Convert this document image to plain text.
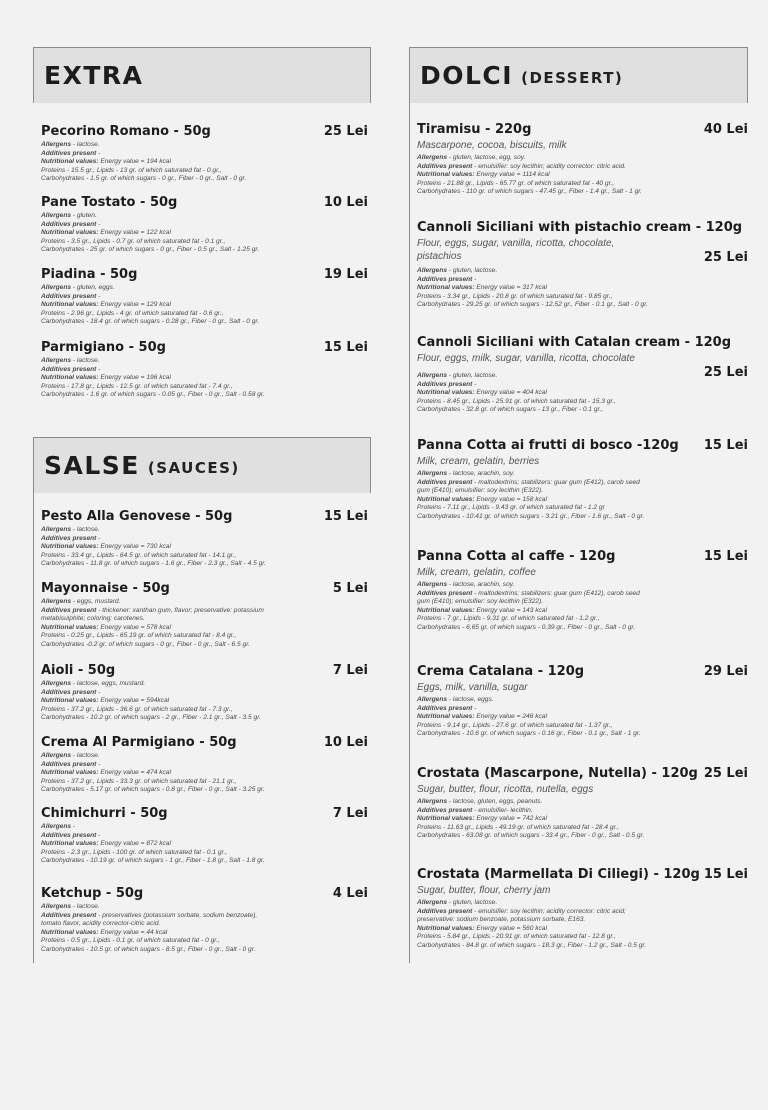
EXTRA
Pecorino Romano - 50g	25 Lei
Allergens - lactose.
Additives present -
Nutritional values: Energy value = 194 kcal
Proteins - 15.5 gr., Lipids - 13 gr. of which saturated fat - 0 gr.,
Carbohydrates - 1.5 gr. of which sugars - 0 gr., Fiber - 0 gr., Salt - 0 gr.
Pane Tostato - 50g	10 Lei
Allergens - gluten.
Additives present -
Nutritional values: Energy value = 122 kcal
Proteins - 3.5 gr., Lipids - 0.7 gr. of which saturated fat - 0.1 gr.,
Carbohydrates - 25 gr. of which sugars - 0 gr., Fiber - 0.5 gr., Salt - 1.25 gr.
Piadina - 50g	19 Lei
Allergens - gluten, eggs.
Additives present -
Nutritional values: Energy value = 129 kcal
Proteins - 2.96 gr., Lipids - 4 gr. of which saturated fat - 0.6 gr.,
Carbohydrates - 18.4 gr. of which sugars - 0.28 gr., Fiber - 0 gr., Salt - 0 gr.
Parmigiano - 50g	15 Lei
Allergens - lactose.
Additives present -
Nutritional values: Energy value = 196 kcal
Proteins - 17.8 gr., Lipids - 12.5 gr. of which saturated fat - 7.4 gr.,
Carbohydrates - 1.6 gr. of which sugars - 0.05 gr., Fiber - 0 gr., Salt - 0.58 gr.
SALSE (SAUCES)
Pesto Alla Genovese - 50g	15 Lei
Allergens - lactose.
Additives present -
Nutritional values: Energy value = 730 kcal
Proteins - 33.4 gr., Lipids - 64.5 gr. of which saturated fat - 14.1 gr.,
Carbohydrates - 11.8 gr. of which sugars - 1.6 gr., Fiber - 2.3 gr., Salt - 4.5 gr.
Mayonnaise - 50g	5 Lei
Allergens - eggs, mustard.
Additives present - thickener: xanthan gum, flavor; preservative: potassium
metabisulphite; coloring: carotenes.
Nutritional values: Energy value = 578 kcal
Proteins - 0.25 gr., Lipids - 65.19 gr. of which saturated fat - 8.4 gr.,
Carbohydrates -0.2 gr. of which sugars - 0 gr., Fiber - 0 gr., Salt - 6.5 gr.
Aioli - 50g	7 Lei
Allergens - lactose, eggs, mustard.
Additives present -
Nutritional values: Energy value = 594kcal
Proteins - 37.2 gr., Lipids - 36.6 gr. of which saturated fat - 7.3 gr.,
Carbohydrates - 10.2 gr. of which sugars - 2 gr., Fiber - 2.1 gr., Salt - 3.5 gr.
Crema Al Parmigiano - 50g	10 Lei
Allergens - lactose.
Additives present -
Nutritional values: Energy value = 474 kcal
Proteins - 37.2 gr., Lipids - 33.3 gr. of which saturated fat - 21.1 gr.,
Carbohydrates - 5.17 gr. of which sugars - 0.8 gr., Fiber - 0 gr., Salt - 3.25 gr.
Chimichurri - 50g	7 Lei
Allergens -
Additives present -
Nutritional values: Energy value = 872 kcal
Proteins - 2.3 gr., Lipids - 100 gr. of which saturated fat - 0.1 gr.,
Carbohydrates - 10.19 gr. of which sugars - 1 gr., Fiber - 1.8 gr., Salt - 1.8 gr.
Ketchup - 50g	4 Lei
Allergens - lactose.
Additives present - preservatives (potassium sorbate, sodium benzoate),
tomato flavor, acidity corrector-citric acid.
Nutritional values: Energy value = 44 kcal
Proteins - 0.5 gr., Lipids - 0.1 gr. of which saturated fat - 0 gr.,
Carbohydrates - 10.5 gr. of which sugars - 8.5 gr., Fiber - 0 gr., Salt - 0 gr.
DOLCI (DESSERT)
Tiramisu - 220g	40 Lei
Mascarpone, cocoa, biscuits, milk
Allergens - gluten, lactose, egg, soy.
Additives present - emulsifier: soy lecithin; acidity corrector: citric acid.
Nutritional values: Energy value = 1114 kcal
Proteins - 21.88 gr., Lipids - 65.77 gr. of which saturated fat - 40 gr.,
Carbohydrates - 110 gr. of which sugars - 47.45 gr., Fiber - 1.4 gr., Salt - 1 gr.
Cannoli Siciliani with pistachio cream - 120g
Flour, eggs, sugar, vanilla, ricotta, chocolate, pistachios	25 Lei
Allergens - gluten, lactose.
Additives present -
Nutritional values: Energy value = 317 kcal
Proteins - 3.34 gr., Lipids - 20.8 gr. of which saturated fat - 9.85 gr.,
Carbohydrates - 29.25 gr. of which sugars - 12.52 gr., Fiber - 0.1 gr., Salt - 0 gr.
Cannoli Siciliani with Catalan cream - 120g
Flour, eggs, milk, sugar, vanilla, ricotta, chocolate
25 Lei
Allergens - gluten, lactose.
Additives present -
Nutritional values: Energy value = 404 kcal
Proteins - 8.45 gr., Lipids - 25.91 gr. of which saturated fat - 15.3 gr.,
Carbohydrates - 32.8 gr. of which sugars - 13 gr., Fiber - 0.1 gr.,
Panna Cotta ai frutti di bosco -120g 15 Lei
Milk, cream, gelatin, berries
Allergens - lactose, arachin, soy.
Additives present - maltodextrins; stabilizers: guar gum (E412), carob seed
gum (E410); emulsifier: soy lecithin (E322).
Nutritional values: Energy value = 158 kcal
Proteins - 7.11 gr., Lipids - 9.43 gr. of which saturated fat - 1.2 gr
Carbohydrates - 10.41 gr. of which sugars - 3.21 gr., Fiber - 1.6 gr., Salt - 0 gr.
Panna Cotta al caffe - 120g	15 Lei
Milk, cream, gelatin, coffee
Allergens - lactose, arachin, soy.
Additives present - maltodextrins; stabilizers: guar gum (E412), carob seed
gum (E410); emulsifier: soy lecithin (E322).
Nutritional values: Energy value = 143 kcal
Proteins - 7 gr., Lipids - 9.31 gr. of which saturated fat - 1.2 gr.,
Carbohydrates - 6.65 gr. of which sugars - 0.39 gr., Fiber - 0 gr., Salt - 0 gr.
Crema Catalana - 120g	29 Lei
Eggs, milk, vanilla, sugar
Allergens - lactose, eggs.
Additives present -
Nutritional values: Energy value = 246 kcal
Proteins - 9.14 gr., Lipids - 27.6 gr. of which saturated fat - 1.37 gr.,
Carbohydrates - 10.6 gr. of which sugars - 0.16 gr., Fiber - 0.1 gr., Salt - 1 gr.
Crostata (Mascarpone, Nutella) - 120g 25 Lei
Sugar, butter, flour, ricotta, nutella, eggs
Allergens - lactose, gluten, eggs, peanuts.
Additives present - emulsifier- lecithin.
Nutritional values: Energy value = 742 kcal
Proteins - 11.63 gr., Lipids - 49.19 gr. of which saturated fat - 28.4 gr.,
Carbohydrates - 63.08 gr. of which sugars - 33.4 gr., Fiber - 0 gr., Salt - 0.5 gr.
Crostata (Marmellata Di Ciliegi) - 120g 15 Lei
Sugar, butter, flour, cherry jam
Allergens - gluten, lactose.
Additives present - emulsifier: soy lecithin; acidity corrector: citric acid;
preservative: sodium benzoate, potassium sorbate, E163.
Nutritional values: Energy value = 560 kcal
Proteins - 5.84 gr., Lipids - 20.91 gr. of which saturated fat - 12.8 gr.,
Carbohydrates - 84.8 gr. of which sugars - 18.3 gr., Fiber - 1.2 gr., Salt - 0.5 gr.
